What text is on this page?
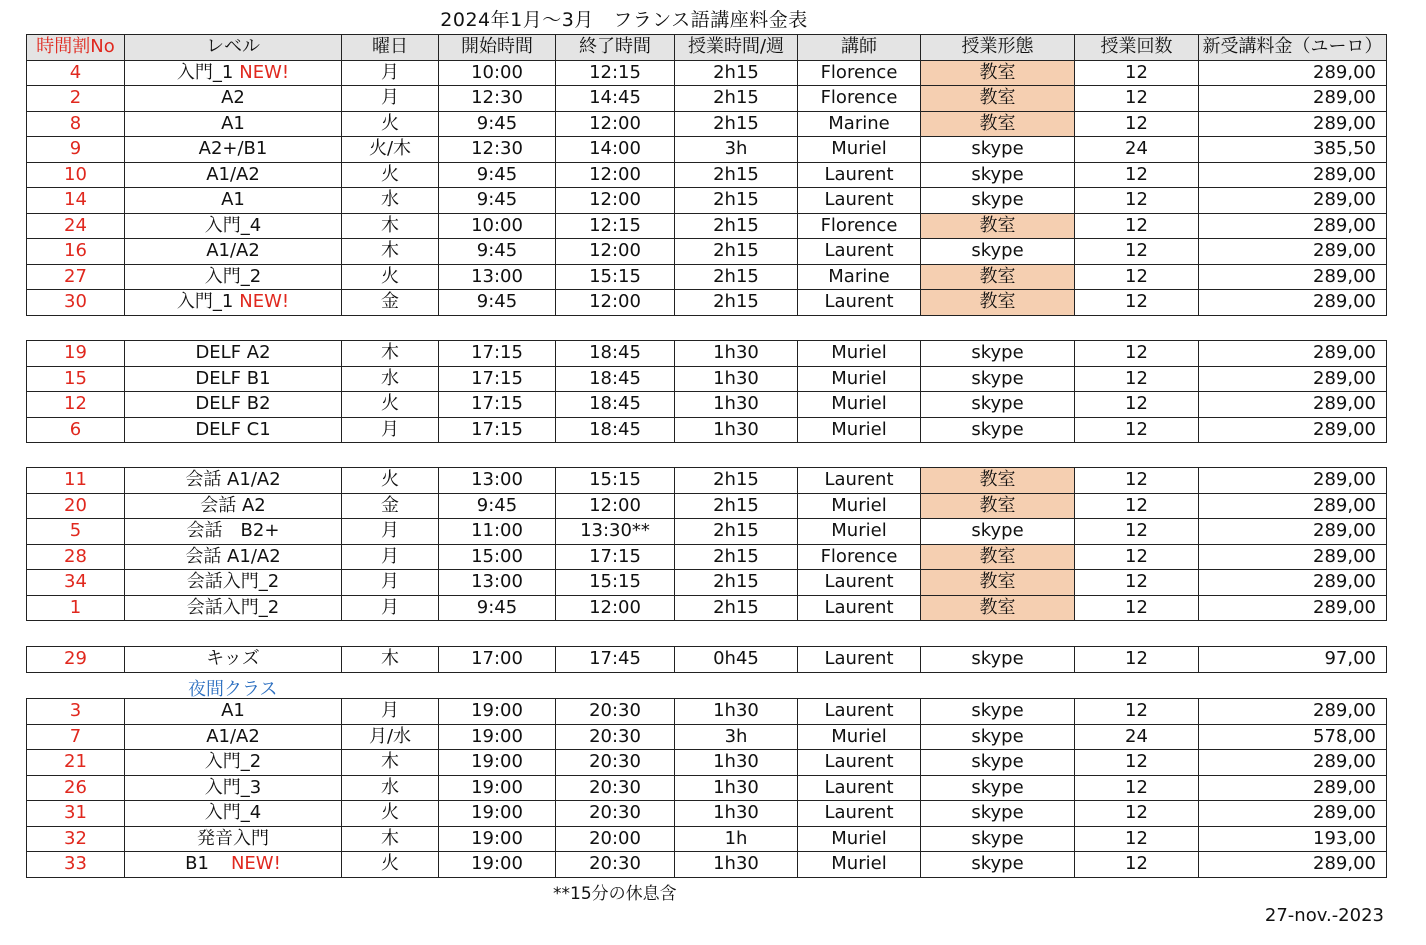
2024年1月～3月　フランス語講座料金表
時間割No	レベル	曜日	開始時間	終了時間	授業時間/週	講師	授業形態	授業回数	新受講料金（ユーロ）
4	入門_1 NEW!	月	10:00	12:15	2h15	Florence	教室	12	289,00
2	A2	月	12:30	14:45	2h15	Florence	教室	12	289,00
8	A1	火	9:45	12:00	2h15	Marine	教室	12	289,00
9	A2+/B1	火/木	12:30	14:00	3h	Muriel	skype	24	385,50
10	A1/A2	火	9:45	12:00	2h15	Laurent	skype	12	289,00
14	A1	水	9:45	12:00	2h15	Laurent	skype	12	289,00
24	入門_4	木	10:00	12:15	2h15	Florence	教室	12	289,00
16	A1/A2	木	9:45	12:00	2h15	Laurent	skype	12	289,00
27	入門_2	火	13:00	15:15	2h15	Marine	教室	12	289,00
30	入門_1 NEW!	金	9:45	12:00	2h15	Laurent	教室	12	289,00
19	DELF A2	木	17:15	18:45	1h30	Muriel	skype	12	289,00
15	DELF B1	水	17:15	18:45	1h30	Muriel	skype	12	289,00
12	DELF B2	火	17:15	18:45	1h30	Muriel	skype	12	289,00
6	DELF C1	月	17:15	18:45	1h30	Muriel	skype	12	289,00
11	会話 A1/A2	火	13:00	15:15	2h15	Laurent	教室	12	289,00
20	会話 A2	金	9:45	12:00	2h15	Muriel	教室	12	289,00
5	会話　B2+	月	11:00	13:30**	2h15	Muriel	skype	12	289,00
28	会話 A1/A2	月	15:00	17:15	2h15	Florence	教室	12	289,00
34	会話入門_2	月	13:00	15:15	2h15	Laurent	教室	12	289,00
1	会話入門_2	月	9:45	12:00	2h15	Laurent	教室	12	289,00
29	キッズ	木	17:00	17:45	0h45	Laurent	skype	12	97,00
3	A1	月	19:00	20:30	1h30	Laurent	skype	12	289,00
7	A1/A2	月/水	19:00	20:30	3h	Muriel	skype	24	578,00
21	入門_2	木	19:00	20:30	1h30	Laurent	skype	12	289,00
26	入門_3	水	19:00	20:30	1h30	Laurent	skype	12	289,00
31	入門_4	火	19:00	20:30	1h30	Laurent	skype	12	289,00
32	発音入門	木	19:00	20:00	1h	Muriel	skype	12	193,00
33	B1 NEW!	火	19:00	20:30	1h30	Muriel	skype	12	289,00
夜間クラス
**15分の休息含
27-nov.-2023
